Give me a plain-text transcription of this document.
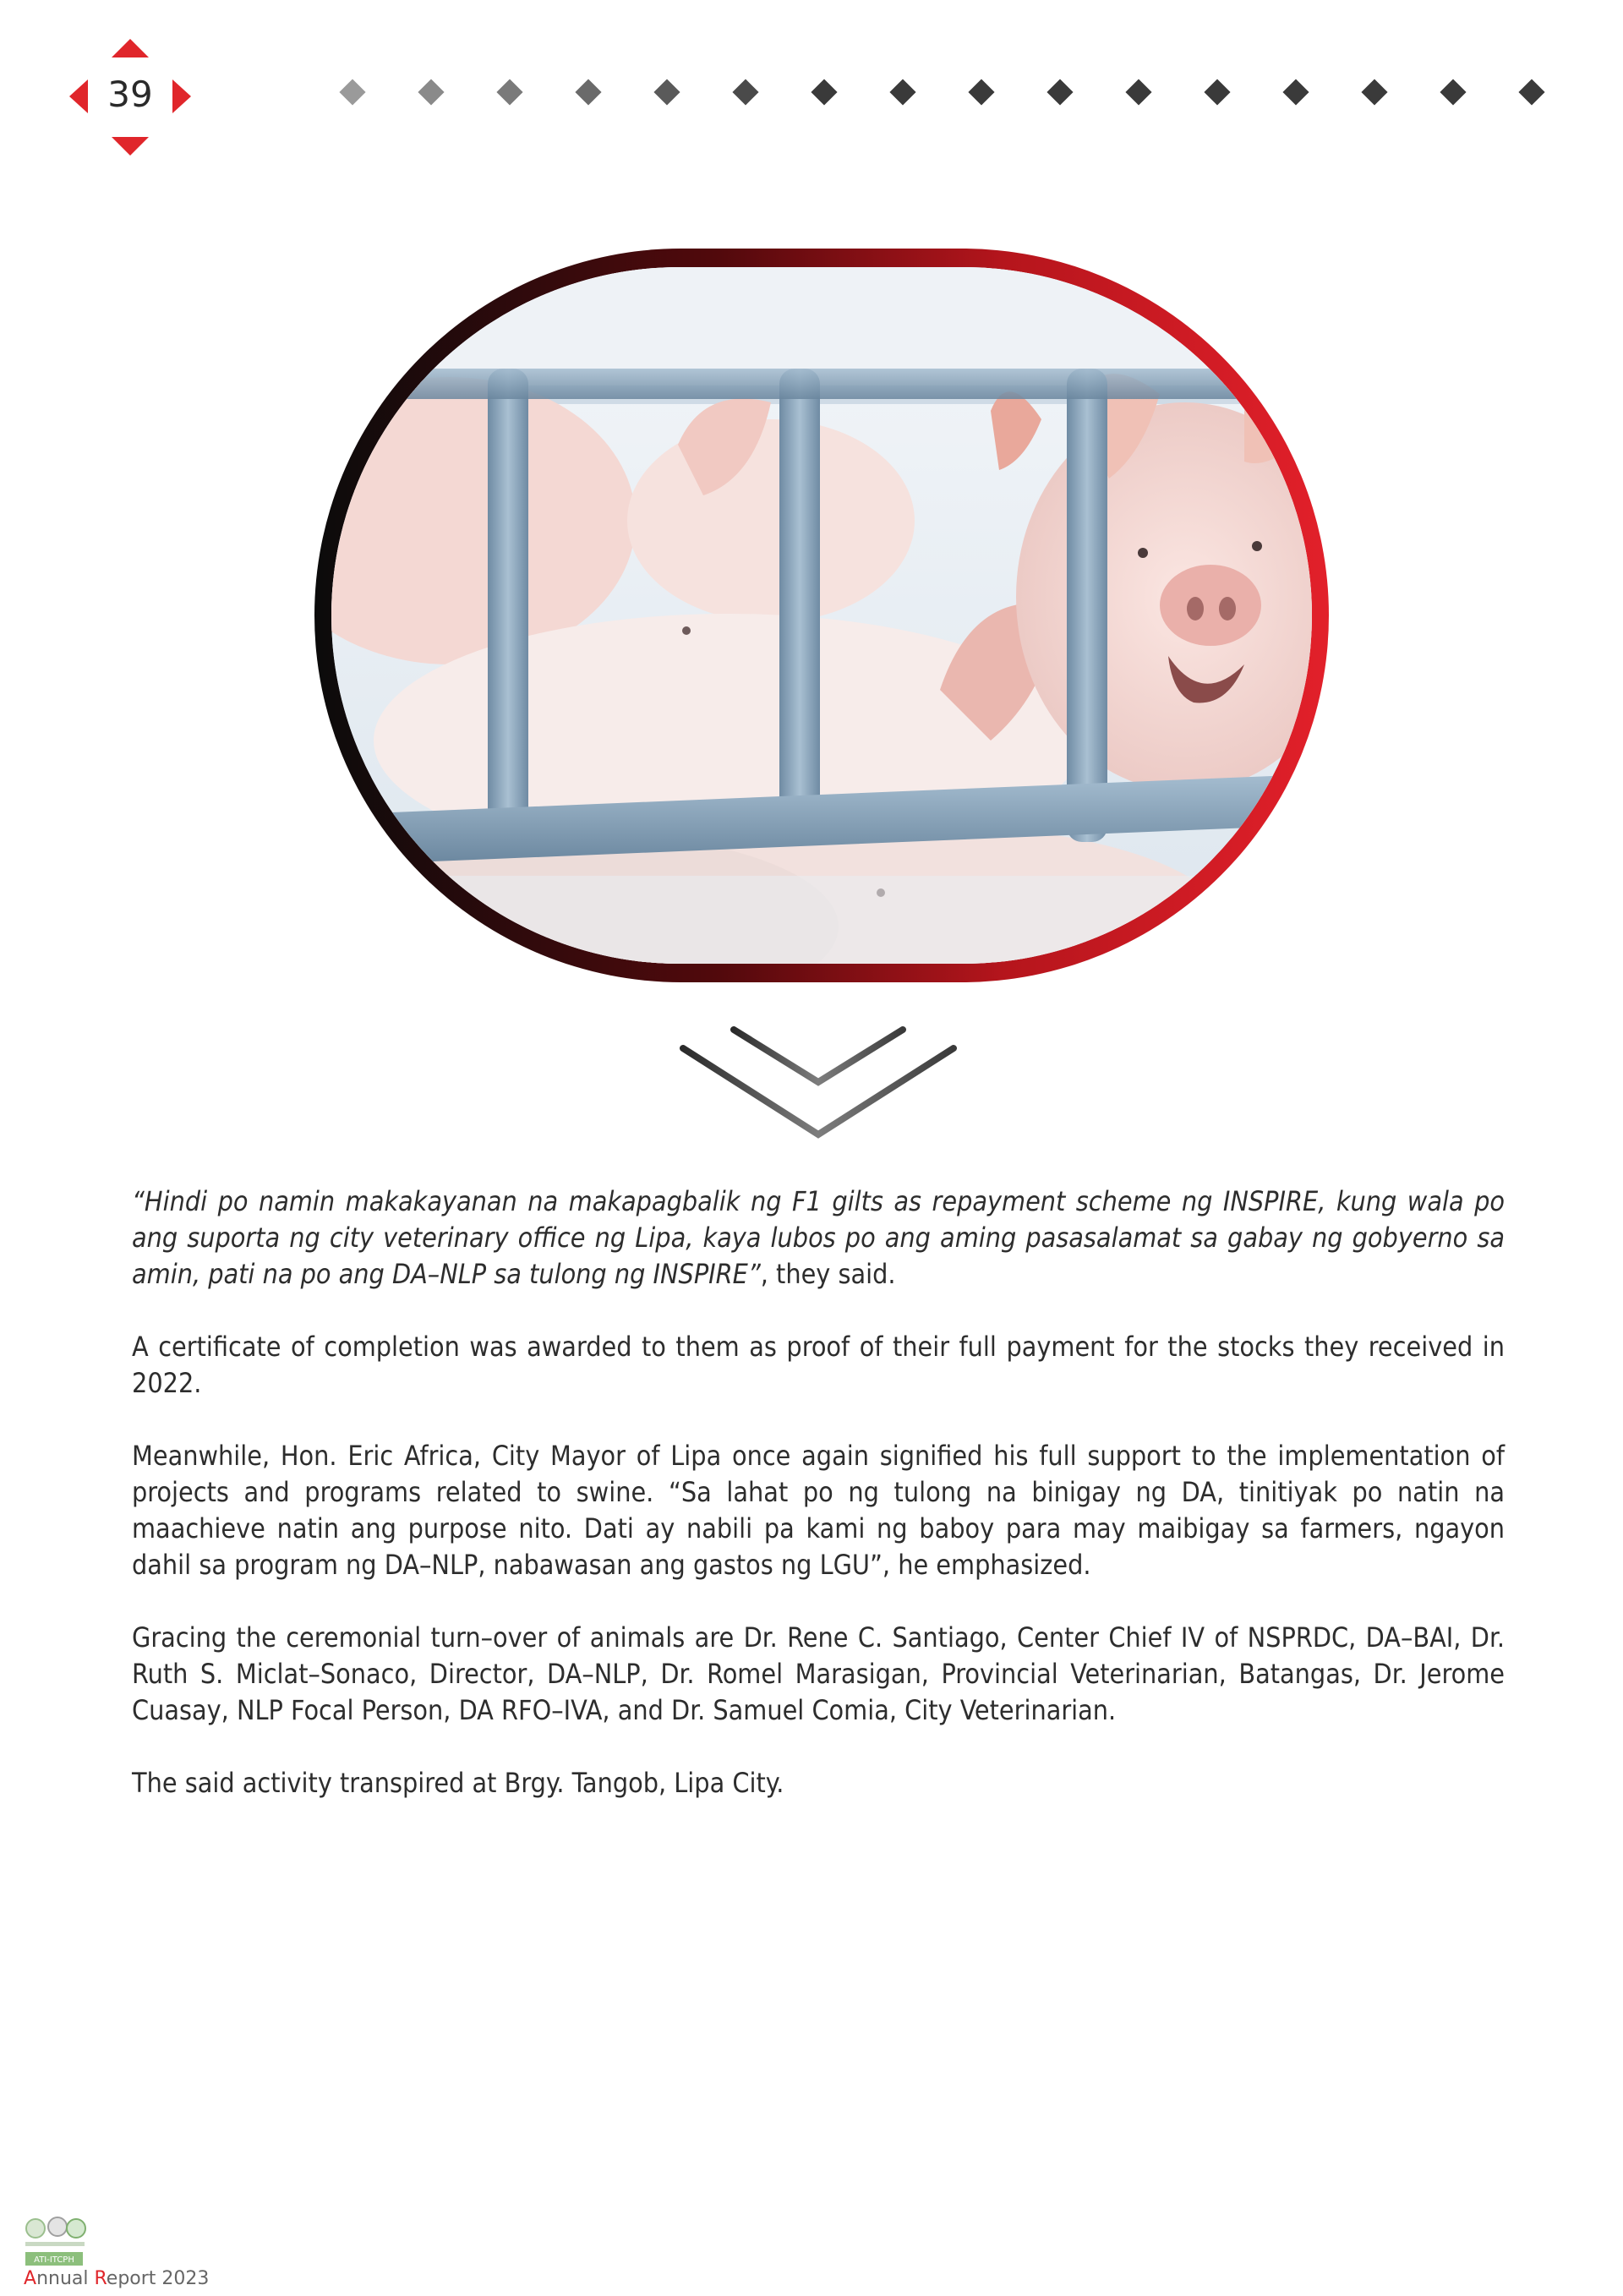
39

“Hindi po namin makakayanan na makapagbalik ng F1 gilts as repayment scheme ng INSPIRE, kung wala po ang suporta ng city veterinary office ng Lipa, kaya lubos po ang aming pasasalamat sa gabay ng gobyerno sa amin, pati na po ang DA–NLP sa tulong ng INSPIRE”, they said.

A certificate of completion was awarded to them as proof of their full payment for the stocks they received in 2022.

Meanwhile, Hon. Eric Africa, City Mayor of Lipa once again signified his full support to the implementation of projects and programs related to swine. “Sa lahat po ng tulong na binigay ng DA, tinitiyak po natin na maachieve natin ang purpose nito. Dati ay nabili pa kami ng baboy para may maibigay sa farmers, ngayon dahil sa program ng DA–NLP, nabawasan ang gastos ng LGU”, he emphasized.

Gracing the ceremonial turn–over of animals are Dr. Rene C. Santiago, Center Chief IV of NSPRDC, DA–BAI, Dr. Ruth S. Miclat–Sonaco, Director, DA–NLP, Dr. Romel Marasigan, Provincial Veterinarian, Batangas, Dr. Jerome Cuasay, NLP Focal Person, DA RFO–IVA, and Dr. Samuel Comia, City Veterinarian.

The said activity transpired at Brgy. Tangob, Lipa City.

ATI-ITCPH
Annual Report 2023
